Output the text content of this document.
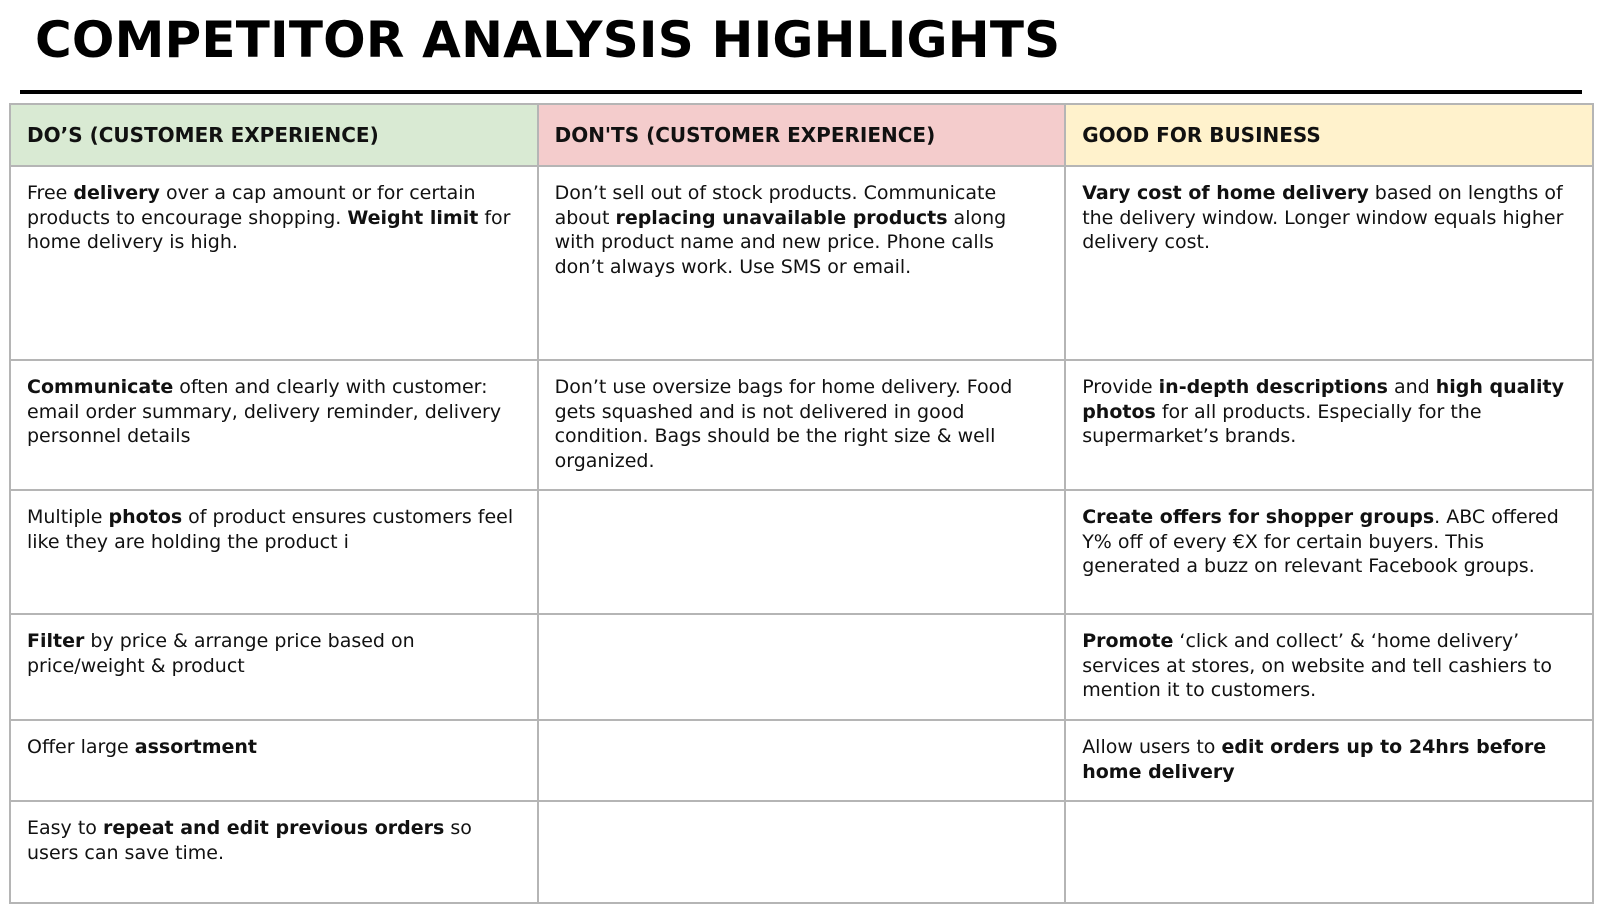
COMPETITOR ANALYSIS HIGHLIGHTS
DO’S (CUSTOMER EXPERIENCE)	DON'TS (CUSTOMER EXPERIENCE)	GOOD FOR BUSINESS
Free delivery over a cap amount or for certain products to encourage shopping. Weight limit for home delivery is high.	Don’t sell out of stock products. Communicate about replacing unavailable products along with product name and new price. Phone calls don’t always work. Use SMS or email.	Vary cost of home delivery based on lengths of the delivery window. Longer window equals higher delivery cost.
Communicate often and clearly with customer: email order summary, delivery reminder, delivery personnel details	Don’t use oversize bags for home delivery. Food gets squashed and is not delivered in good condition. Bags should be the right size & well organized.	Provide in-depth descriptions and high quality photos for all products. Especially for the supermarket’s brands.
Multiple photos of product ensures customers feel like they are holding the product i		Create offers for shopper groups. ABC offered Y% off of every €X for certain buyers. This generated a buzz on relevant Facebook groups.
Filter by price & arrange price based on price/weight & product		Promote ‘click and collect’ & ‘home delivery’ services at stores, on website and tell cashiers to mention it to customers.
Offer large assortment		Allow users to edit orders up to 24hrs before home delivery
Easy to repeat and edit previous orders so users can save time.		
